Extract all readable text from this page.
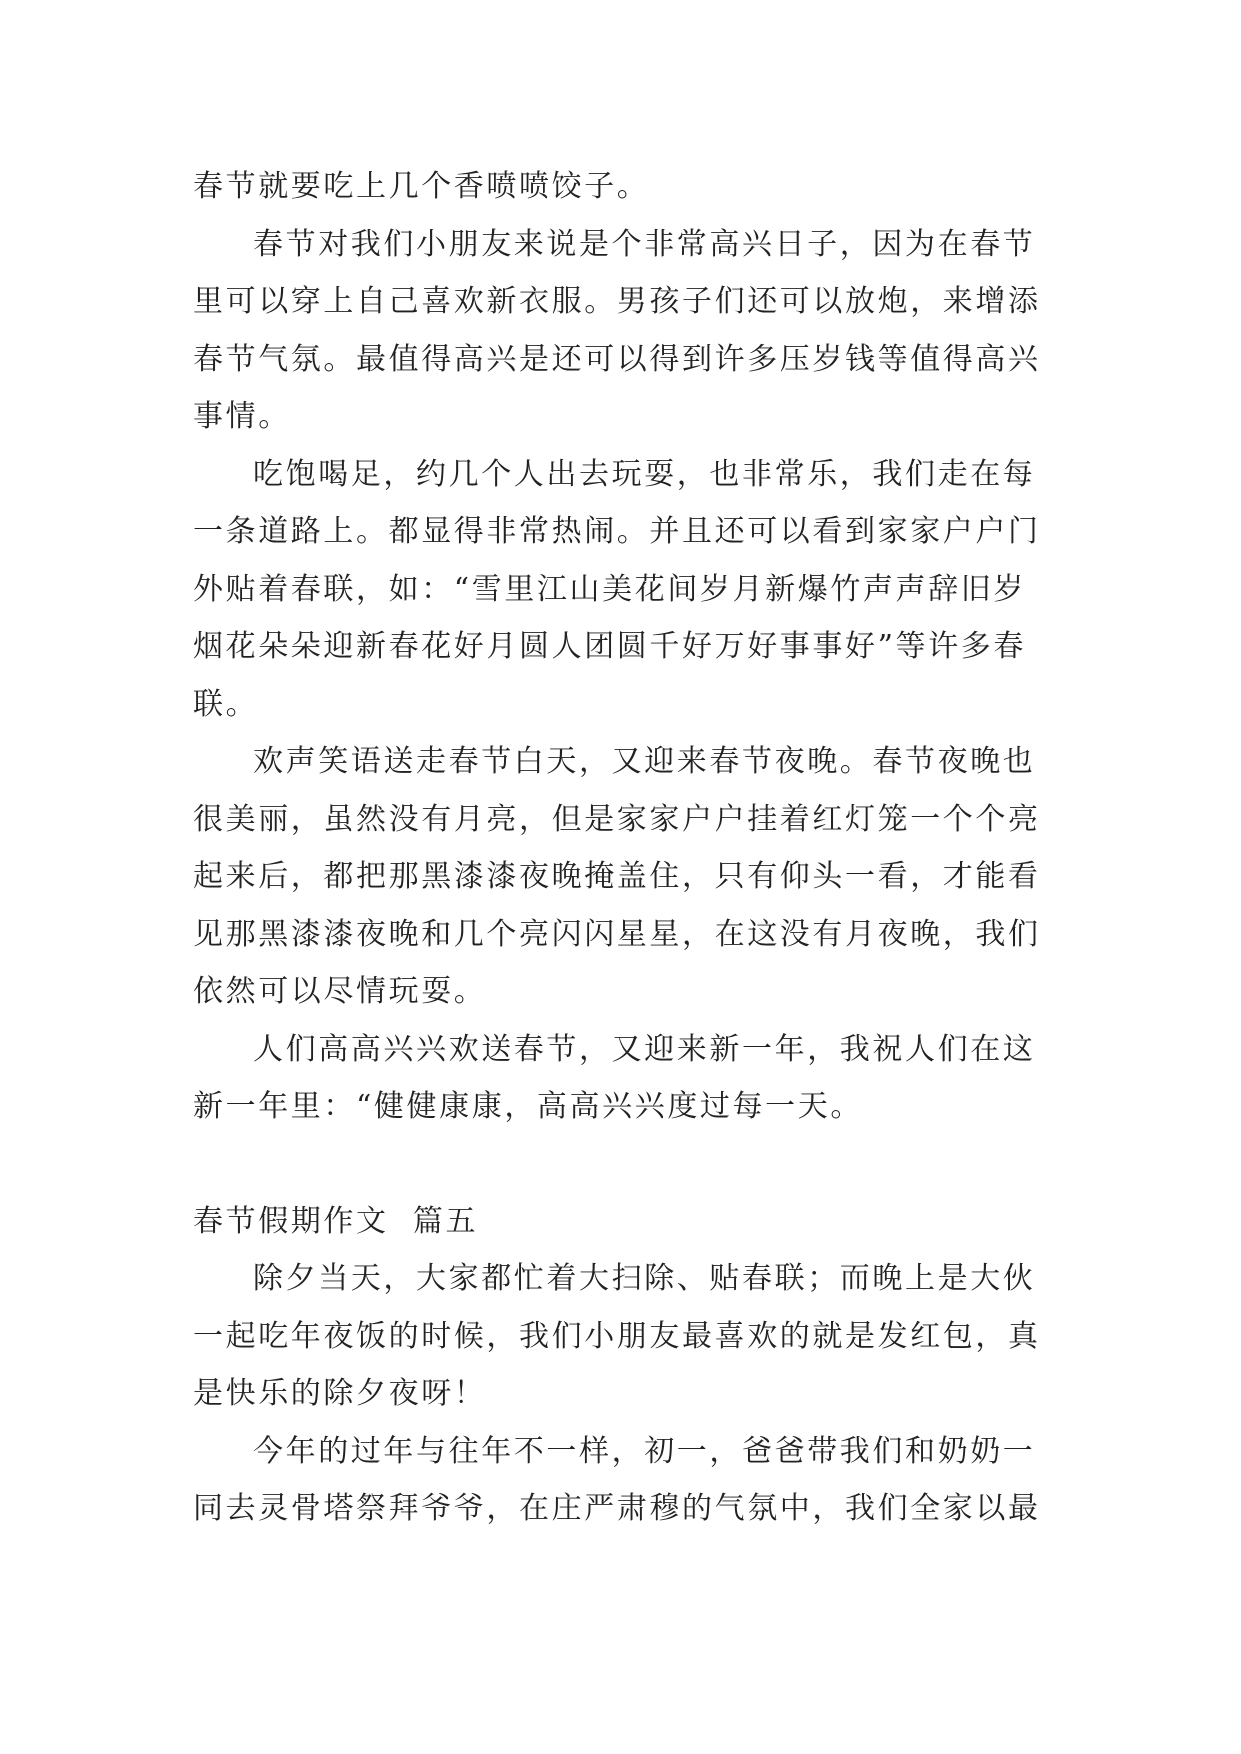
春节就要吃上几个香喷喷饺子。

春节对我们小朋友来说是个非常高兴日子，因为在春节里可以穿上自己喜欢新衣服。男孩子们还可以放炮，来增添春节气氛。最值得高兴是还可以得到许多压岁钱等值得高兴事情。

吃饱喝足，约几个人出去玩耍，也非常乐，我们走在每一条道路上。都显得非常热闹。并且还可以看到家家户户门外贴着春联，如：“雪里江山美花间岁月新爆竹声声辞旧岁烟花朵朵迎新春花好月圆人团圆千好万好事事好”等许多春联。

欢声笑语送走春节白天，又迎来春节夜晚。春节夜晚也很美丽，虽然没有月亮，但是家家户户挂着红灯笼一个个亮起来后，都把那黑漆漆夜晚掩盖住，只有仰头一看，才能看见那黑漆漆夜晚和几个亮闪闪星星，在这没有月夜晚，我们依然可以尽情玩耍。

人们高高兴兴欢送春节，又迎来新一年，我祝人们在这新一年里：“健健康康，高高兴兴度过每一天。

春节假期作文  篇五

除夕当天，大家都忙着大扫除、贴春联；而晚上是大伙一起吃年夜饭的时候，我们小朋友最喜欢的就是发红包，真是快乐的除夕夜呀！

今年的过年与往年不一样，初一，爸爸带我们和奶奶一同去灵骨塔祭拜爷爷，在庄严肃穆的气氛中，我们全家以最
